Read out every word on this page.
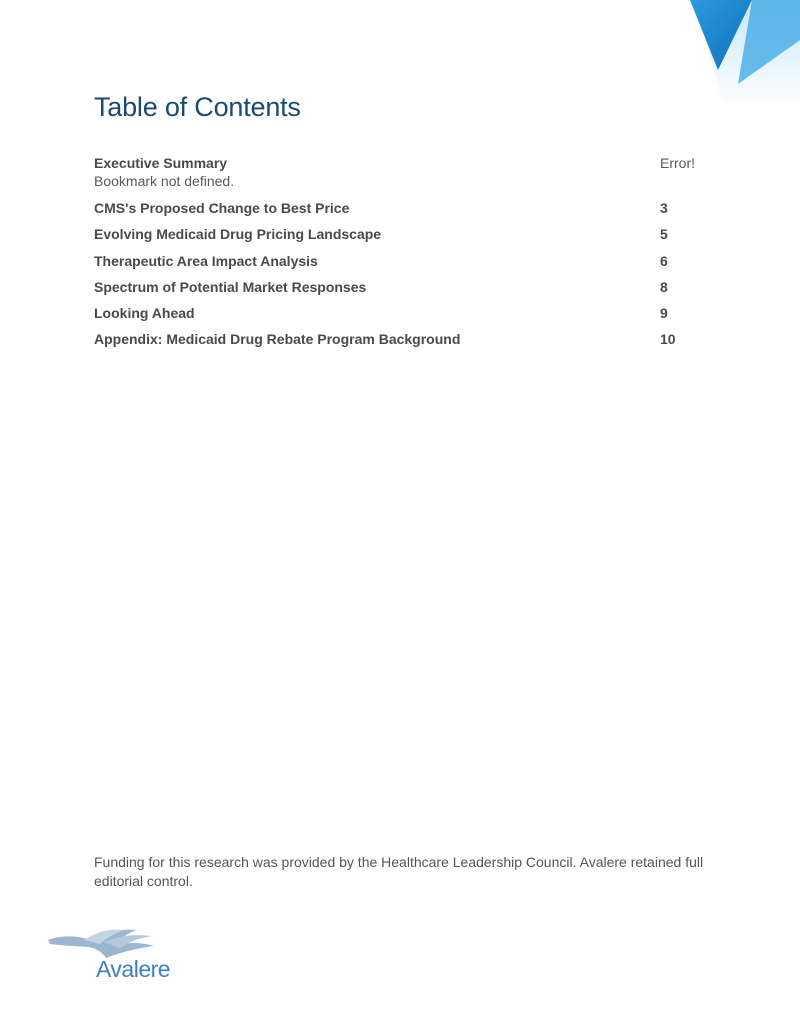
Table of Contents
Executive Summary	Error!
Bookmark not defined.
CMS's Proposed Change to Best Price	3
Evolving Medicaid Drug Pricing Landscape	5
Therapeutic Area Impact Analysis	6
Spectrum of Potential Market Responses	8
Looking Ahead	9
Appendix: Medicaid Drug Rebate Program Background	10

Funding for this research was provided by the Healthcare Leadership Council. Avalere retained full editorial control.

Avalere
